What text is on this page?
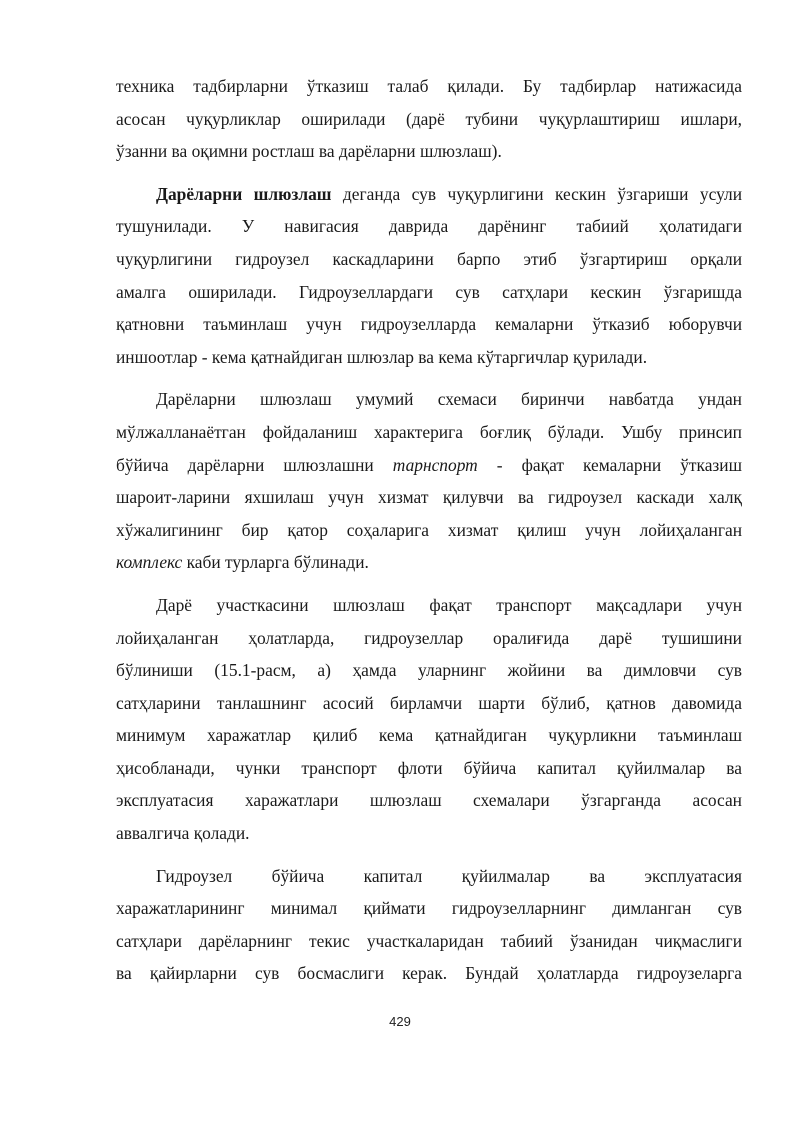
техника тадбирларни ўтказиш талаб қилади. Бу тадбирлар натижасида
асосан чуқурликлар оширилади (дарё тубини чуқурлаштириш ишлари,
ўзанни ва оқимни ростлаш ва дарёларни шлюзлаш).
Дарёларни шлюзлаш деганда сув чуқурлигини кескин ўзгариши усули
тушунилади. У навигасия даврида дарёнинг табиий ҳолатидаги
чуқурлигини гидроузел каскадларини барпо этиб ўзгартириш орқали
амалга оширилади. Гидроузеллардаги сув сатҳлари кескин ўзгаришда
қатновни таъминлаш учун гидроузелларда кемаларни ўтказиб юборувчи
иншоотлар - кема қатнайдиган шлюзлар ва кема кўтаргичлар қурилади.
Дарёларни шлюзлаш умумий схемаси биринчи навбатда ундан
мўлжалланаётган фойдаланиш характерига боғлиқ бўлади. Ушбу принсип
бўйича дарёларни шлюзлашни тарнспорт - фақат кемаларни ўтказиш
шароит-ларини яхшилаш учун хизмат қилувчи ва гидроузел каскади халқ
хўжалигининг бир қатор соҳаларига хизмат қилиш учун лойиҳаланган
комплекс каби турларга бўлинади.
Дарё участкасини шлюзлаш фақат транспорт мақсадлари учун
лойиҳаланган ҳолатларда, гидроузеллар оралиғида дарё тушишини
бўлиниши (15.1-расм, а) ҳамда уларнинг жойини ва димловчи сув
сатҳларини танлашнинг асосий бирламчи шарти бўлиб, қатнов давомида
минимум харажатлар қилиб кема қатнайдиган чуқурликни таъминлаш
ҳисобланади, чунки транспорт флоти бўйича капитал қуйилмалар ва
эксплуатасия харажатлари шлюзлаш схемалари ўзгарганда асосан
аввалгича қолади.
Гидроузел бўйича капитал қуйилмалар ва эксплуатасия
харажатларининг минимал қиймати гидроузелларнинг димланган сув
сатҳлари дарёларнинг текис участкаларидан табиий ўзанидан чиқмаслиги
ва қайирларни сув босмаслиги керак. Бундай ҳолатларда гидроузеларга
429
